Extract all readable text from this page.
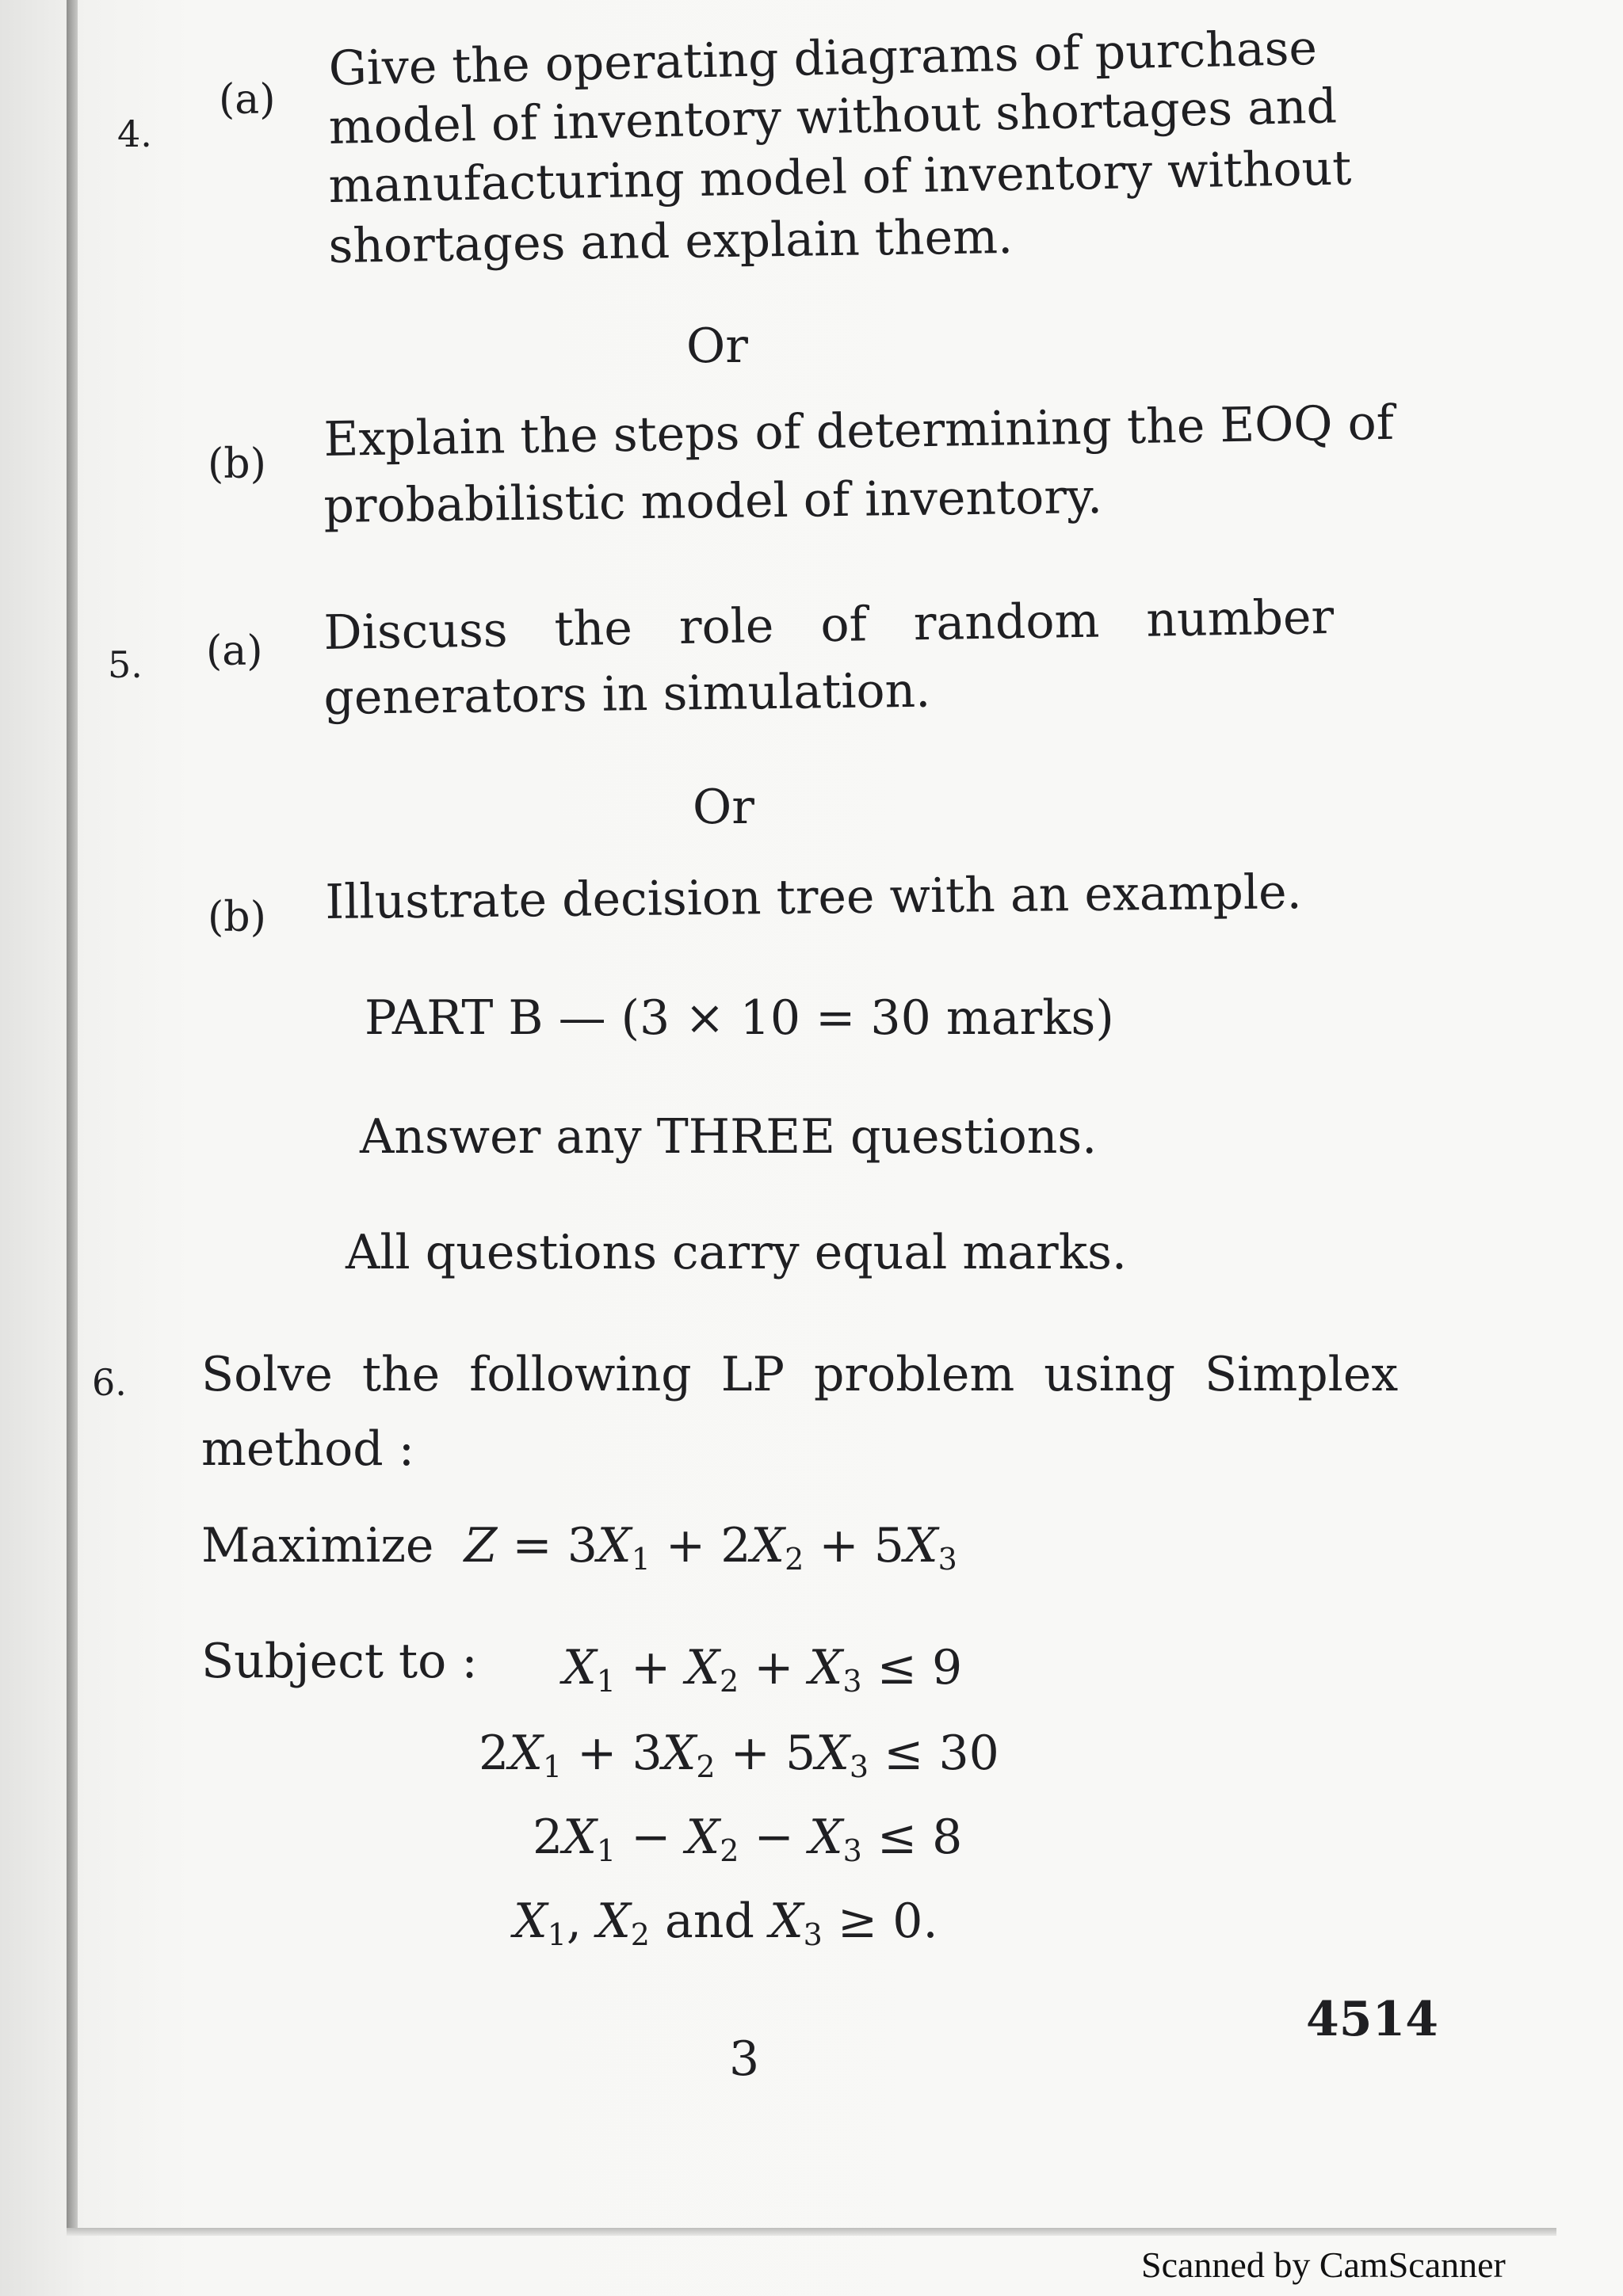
4.
(a)
Give the operating diagrams of purchase
model of inventory without shortages and
manufacturing model of inventory without
shortages and explain them.
Or
(b) Explain the steps of determining the EOQ of
probabilistic model of inventory.
5. (a) Discuss the role of random number
generators in simulation.
Or
(b) Illustrate decision tree with an example.
PART B — (3 × 10 = 30 marks)
Answer any THREE questions.
All questions carry equal marks.
6. Solve the following LP problem using Simplex
method :
Maximize $Z = 3X_1 + 2X_2 + 5X_3$
Subject to : $X_1 + X_2 + X_3 \le 9$
$2X_1 + 3X_2 + 5X_3 \le 30$
$2X_1 - X_2 - X_3 \le 8$
$X_1$, $X_2$ and $X_3 \ge 0$.
3
4514
Scanned by CamScanner
